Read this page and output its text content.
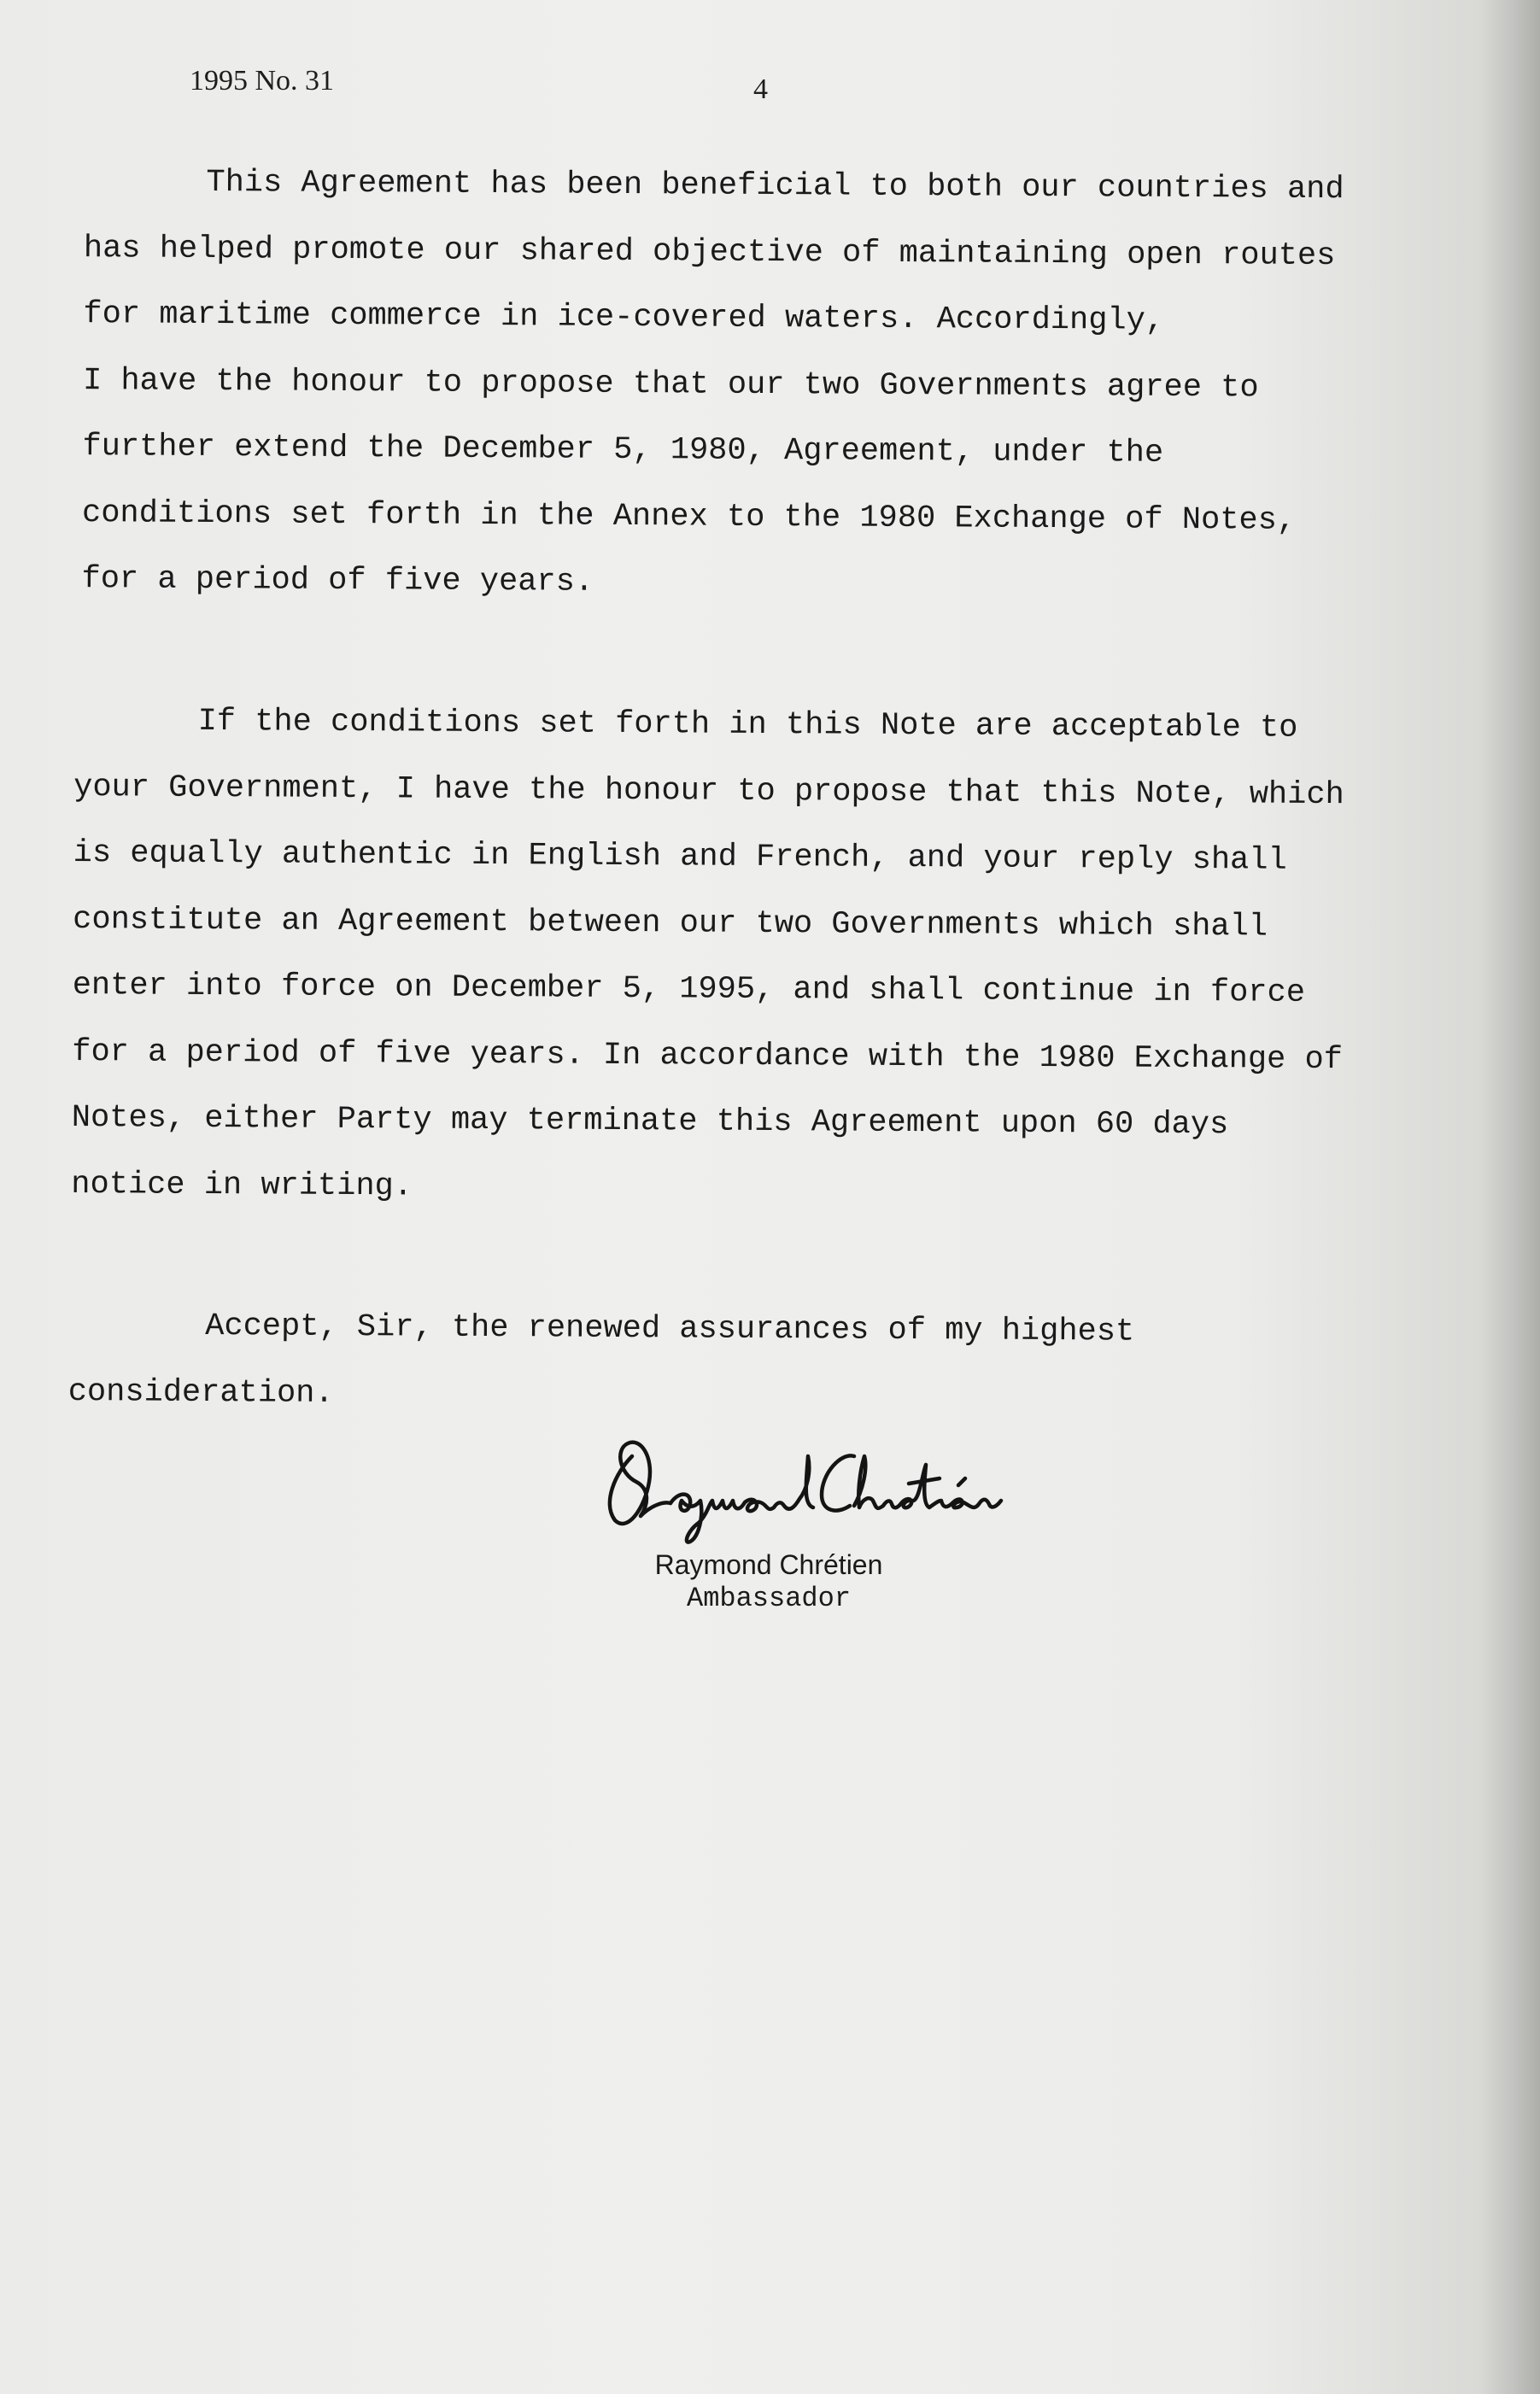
1995 No. 31	4
This Agreement has been beneficial to both our countries and
has helped promote our shared objective of maintaining open routes
for maritime commerce in ice-covered waters. Accordingly,
I have the honour to propose that our two Governments agree to
further extend the December 5, 1980, Agreement, under the
conditions set forth in the Annex to the 1980 Exchange of Notes,
for a period of five years.
If the conditions set forth in this Note are acceptable to
your Government, I have the honour to propose that this Note, which
is equally authentic in English and French, and your reply shall
constitute an Agreement between our two Governments which shall
enter into force on December 5, 1995, and shall continue in force
for a period of five years. In accordance with the 1980 Exchange of
Notes, either Party may terminate this Agreement upon 60 days
notice in writing.
Accept, Sir, the renewed assurances of my highest
consideration.
Raymond Chrétien
Ambassador
